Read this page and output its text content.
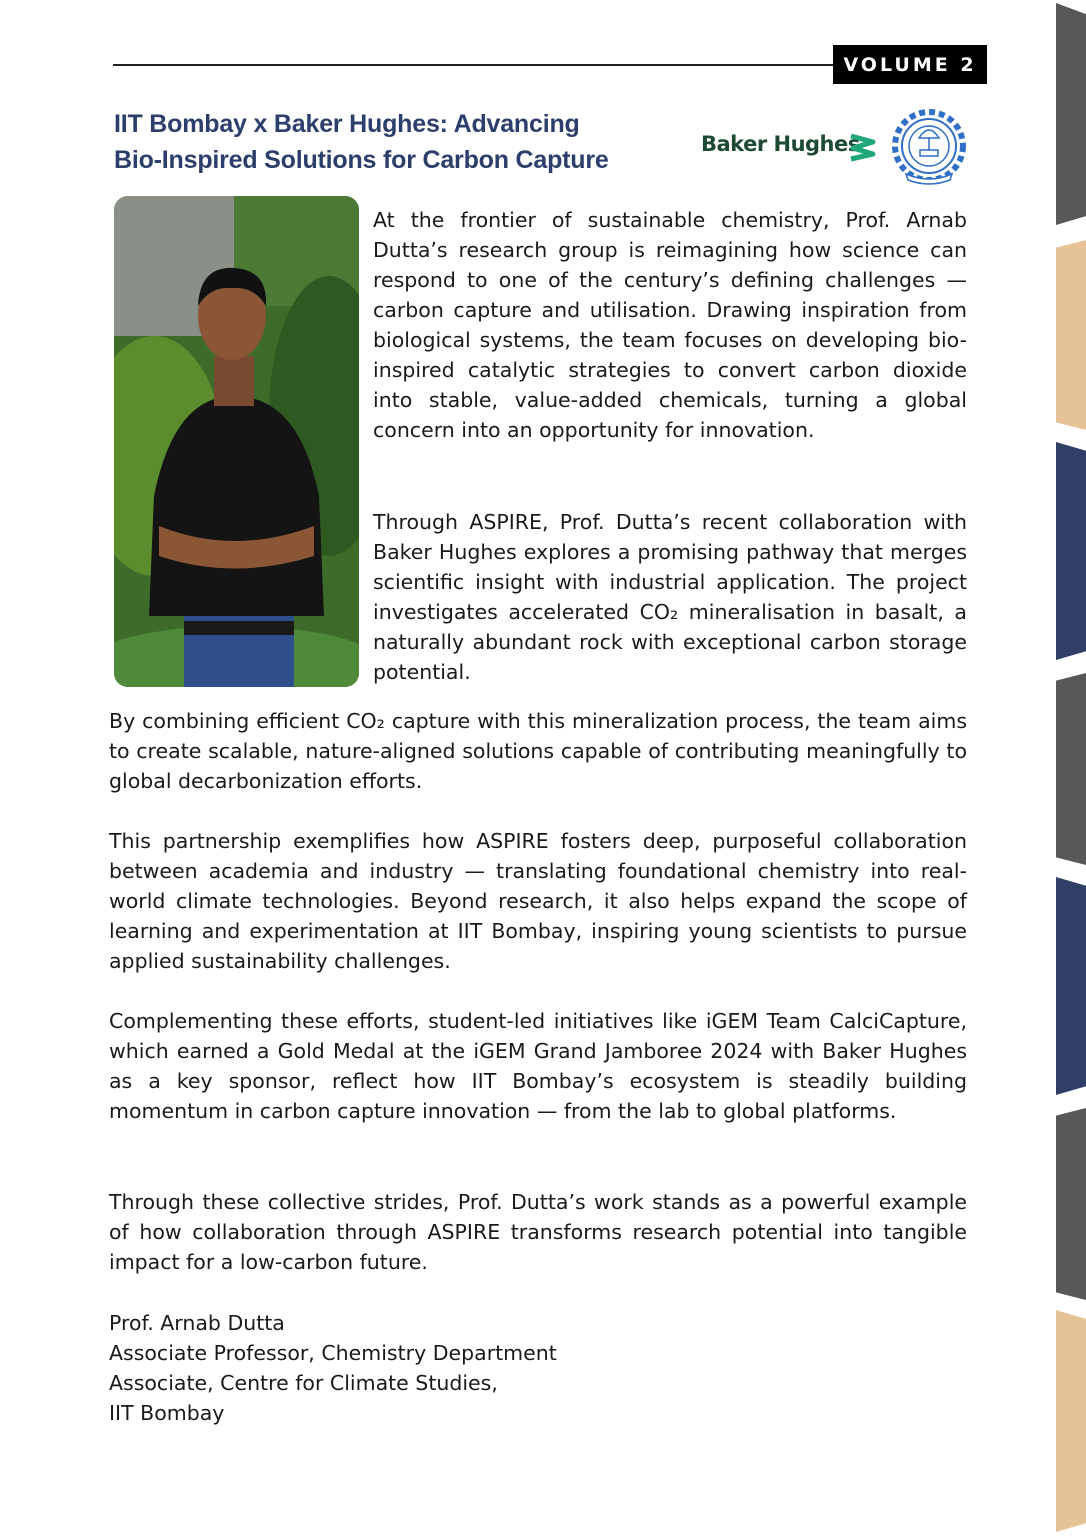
VOLUME 2
IIT Bombay x Baker Hughes: Advancing
Bio-Inspired Solutions for Carbon Capture
Baker Hughes

At the frontier of sustainable chemistry, Prof. Arnab Dutta’s research group is reimagining how science can respond to one of the century’s defining challenges — carbon capture and utilisation. Drawing inspiration from biological systems, the team focuses on developing bio-inspired catalytic strategies to convert carbon dioxide into stable, value-added chemicals, turning a global concern into an opportunity for innovation.

Through ASPIRE, Prof. Dutta’s recent collaboration with Baker Hughes explores a promising pathway that merges scientific insight with industrial application. The project investigates accelerated CO₂ mineralisation in basalt, a naturally abundant rock with exceptional carbon storage potential.

By combining efficient CO₂ capture with this mineralization process, the team aims to create scalable, nature-aligned solutions capable of contributing meaningfully to global decarbonization efforts.

This partnership exemplifies how ASPIRE fosters deep, purposeful collaboration between academia and industry — translating foundational chemistry into real-world climate technologies. Beyond research, it also helps expand the scope of learning and experimentation at IIT Bombay, inspiring young scientists to pursue applied sustainability challenges.

Complementing these efforts, student-led initiatives like iGEM Team CalciCapture, which earned a Gold Medal at the iGEM Grand Jamboree 2024 with Baker Hughes as a key sponsor, reflect how IIT Bombay’s ecosystem is steadily building momentum in carbon capture innovation — from the lab to global platforms.

Through these collective strides, Prof. Dutta’s work stands as a powerful example of how collaboration through ASPIRE transforms research potential into tangible impact for a low-carbon future.

Prof. Arnab Dutta
Associate Professor, Chemistry Department
Associate, Centre for Climate Studies,
IIT Bombay
